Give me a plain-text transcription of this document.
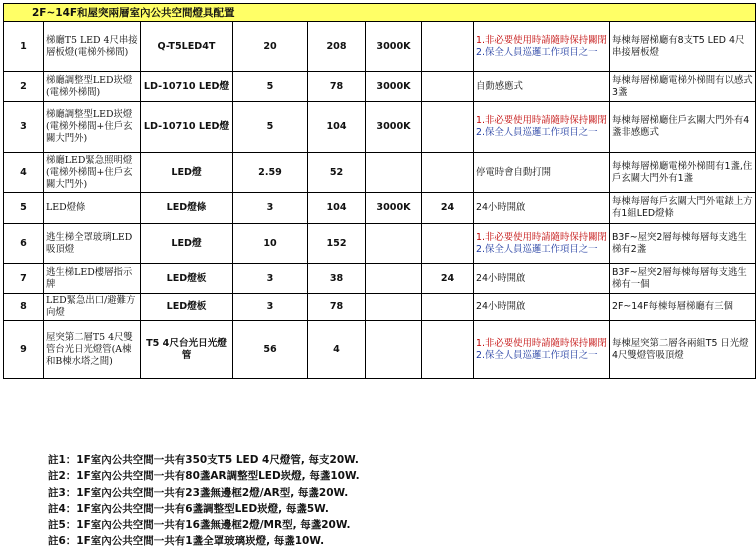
2F~14F和屋突兩層室內公共空間燈具配置								
1	梯廳T5 LED 4尺串接層板燈(電梯外梯間)	Q-T5LED4T	20	208	3000K		1.非必要使用時請隨時保持關閉
2.保全人員巡邏工作項目之一	每棟每層梯廳有8支T5 LED 4尺串接層板燈
2	梯廳調整型LED崁燈(電梯外梯間)	LD-10710 LED燈	5	78	3000K		自動感應式	每棟每層梯廳電梯外梯間有以感式3盞
3	梯廳調整型LED崁燈(電梯外梯間+住戶玄關大門外)	LD-10710 LED燈	5	104	3000K		1.非必要使用時請隨時保持關閉
2.保全人員巡邏工作項目之一	每棟每層梯廳住戶玄關大門外有4盞非感應式
4	梯廳LED緊急照明燈(電梯外梯間+住戶玄關大門外)	LED燈	2.59	52			停電時會自動打開	每棟每層梯廳電梯外梯間有1盞,住戶玄關大門外有1盞
5	LED燈條	LED燈條	3	104	3000K	24	24小時開啟	每棟每層每戶玄關大門外電錶上方有1組LED燈條
6	逃生梯全罩玻璃LED吸頂燈	LED燈	10	152			1.非必要使用時請隨時保持關閉
2.保全人員巡邏工作項目之一	B3F~屋突2層每棟每層每支逃生梯有2盞
7	逃生梯LED樓層指示牌	LED燈板	3	38		24	24小時開啟	B3F~屋突2層每棟每層每支逃生梯有一個
8	LED緊急出口/避難方向燈	LED燈板	3	78			24小時開啟	2F~14F每棟每層梯廳有三個
9	屋突第二層T5 4尺雙管台光日光燈管(A棟和B棟水塔之間)	T5 4尺台光日光燈管	56	4			1.非必要使用時請隨時保持關閉
2.保全人員巡邏工作項目之一	每棟屋突第二層各兩組T5 日光燈4尺雙燈管吸頂燈
註1：1F室內公共空間一共有350支T5 LED 4尺燈管, 每支20W.
註2：1F室內公共空間一共有80盞AR調整型LED崁燈, 每盞10W.
註3：1F室內公共空間一共有23盞無邊框2燈/AR型, 每盞20W.
註4：1F室內公共空間一共有6盞調整型LED崁燈, 每盞5W.
註5：1F室內公共空間一共有16盞無邊框2燈/MR型, 每盞20W.
註6：1F室內公共空間一共有1盞全罩玻璃崁燈, 每盞10W.
